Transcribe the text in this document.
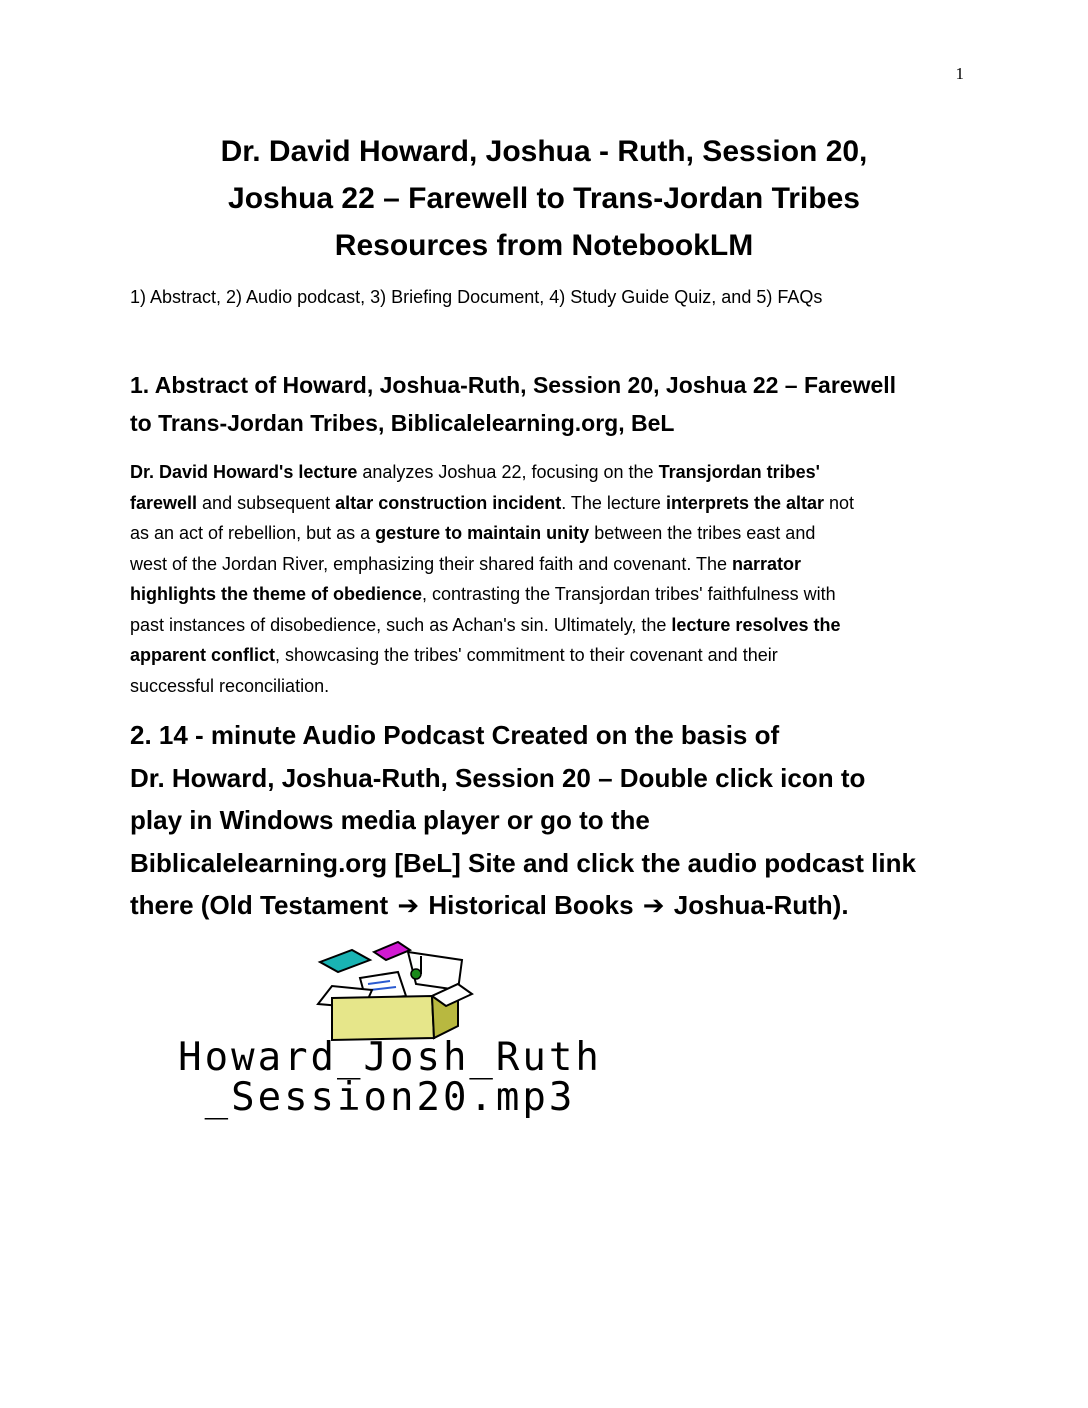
1
Dr. David Howard, Joshua - Ruth, Session 20,
Joshua 22 – Farewell to Trans-Jordan Tribes
Resources from NotebookLM
1) Abstract, 2) Audio podcast, 3) Briefing Document, 4) Study Guide Quiz, and 5) FAQs
1. Abstract of Howard, Joshua-Ruth, Session 20, Joshua 22 – Farewell
to Trans-Jordan Tribes, Biblicalelearning.org, BeL
Dr. David Howard's lecture analyzes Joshua 22, focusing on the Transjordan tribes'
farewell and subsequent altar construction incident. The lecture interprets the altar not
as an act of rebellion, but as a gesture to maintain unity between the tribes east and
west of the Jordan River, emphasizing their shared faith and covenant. The narrator
highlights the theme of obedience, contrasting the Transjordan tribes' faithfulness with
past instances of disobedience, such as Achan's sin. Ultimately, the lecture resolves the
apparent conflict, showcasing the tribes' commitment to their covenant and their
successful reconciliation.
2. 14 - minute Audio Podcast Created on the basis of
Dr. Howard, Joshua-Ruth, Session 20 – Double click icon to
play in Windows media player or go to the
Biblicalelearning.org [BeL] Site and click the audio podcast link
there (Old Testament ➔ Historical Books ➔ Joshua-Ruth).
Howard_Josh_Ruth
_Session20.mp3
